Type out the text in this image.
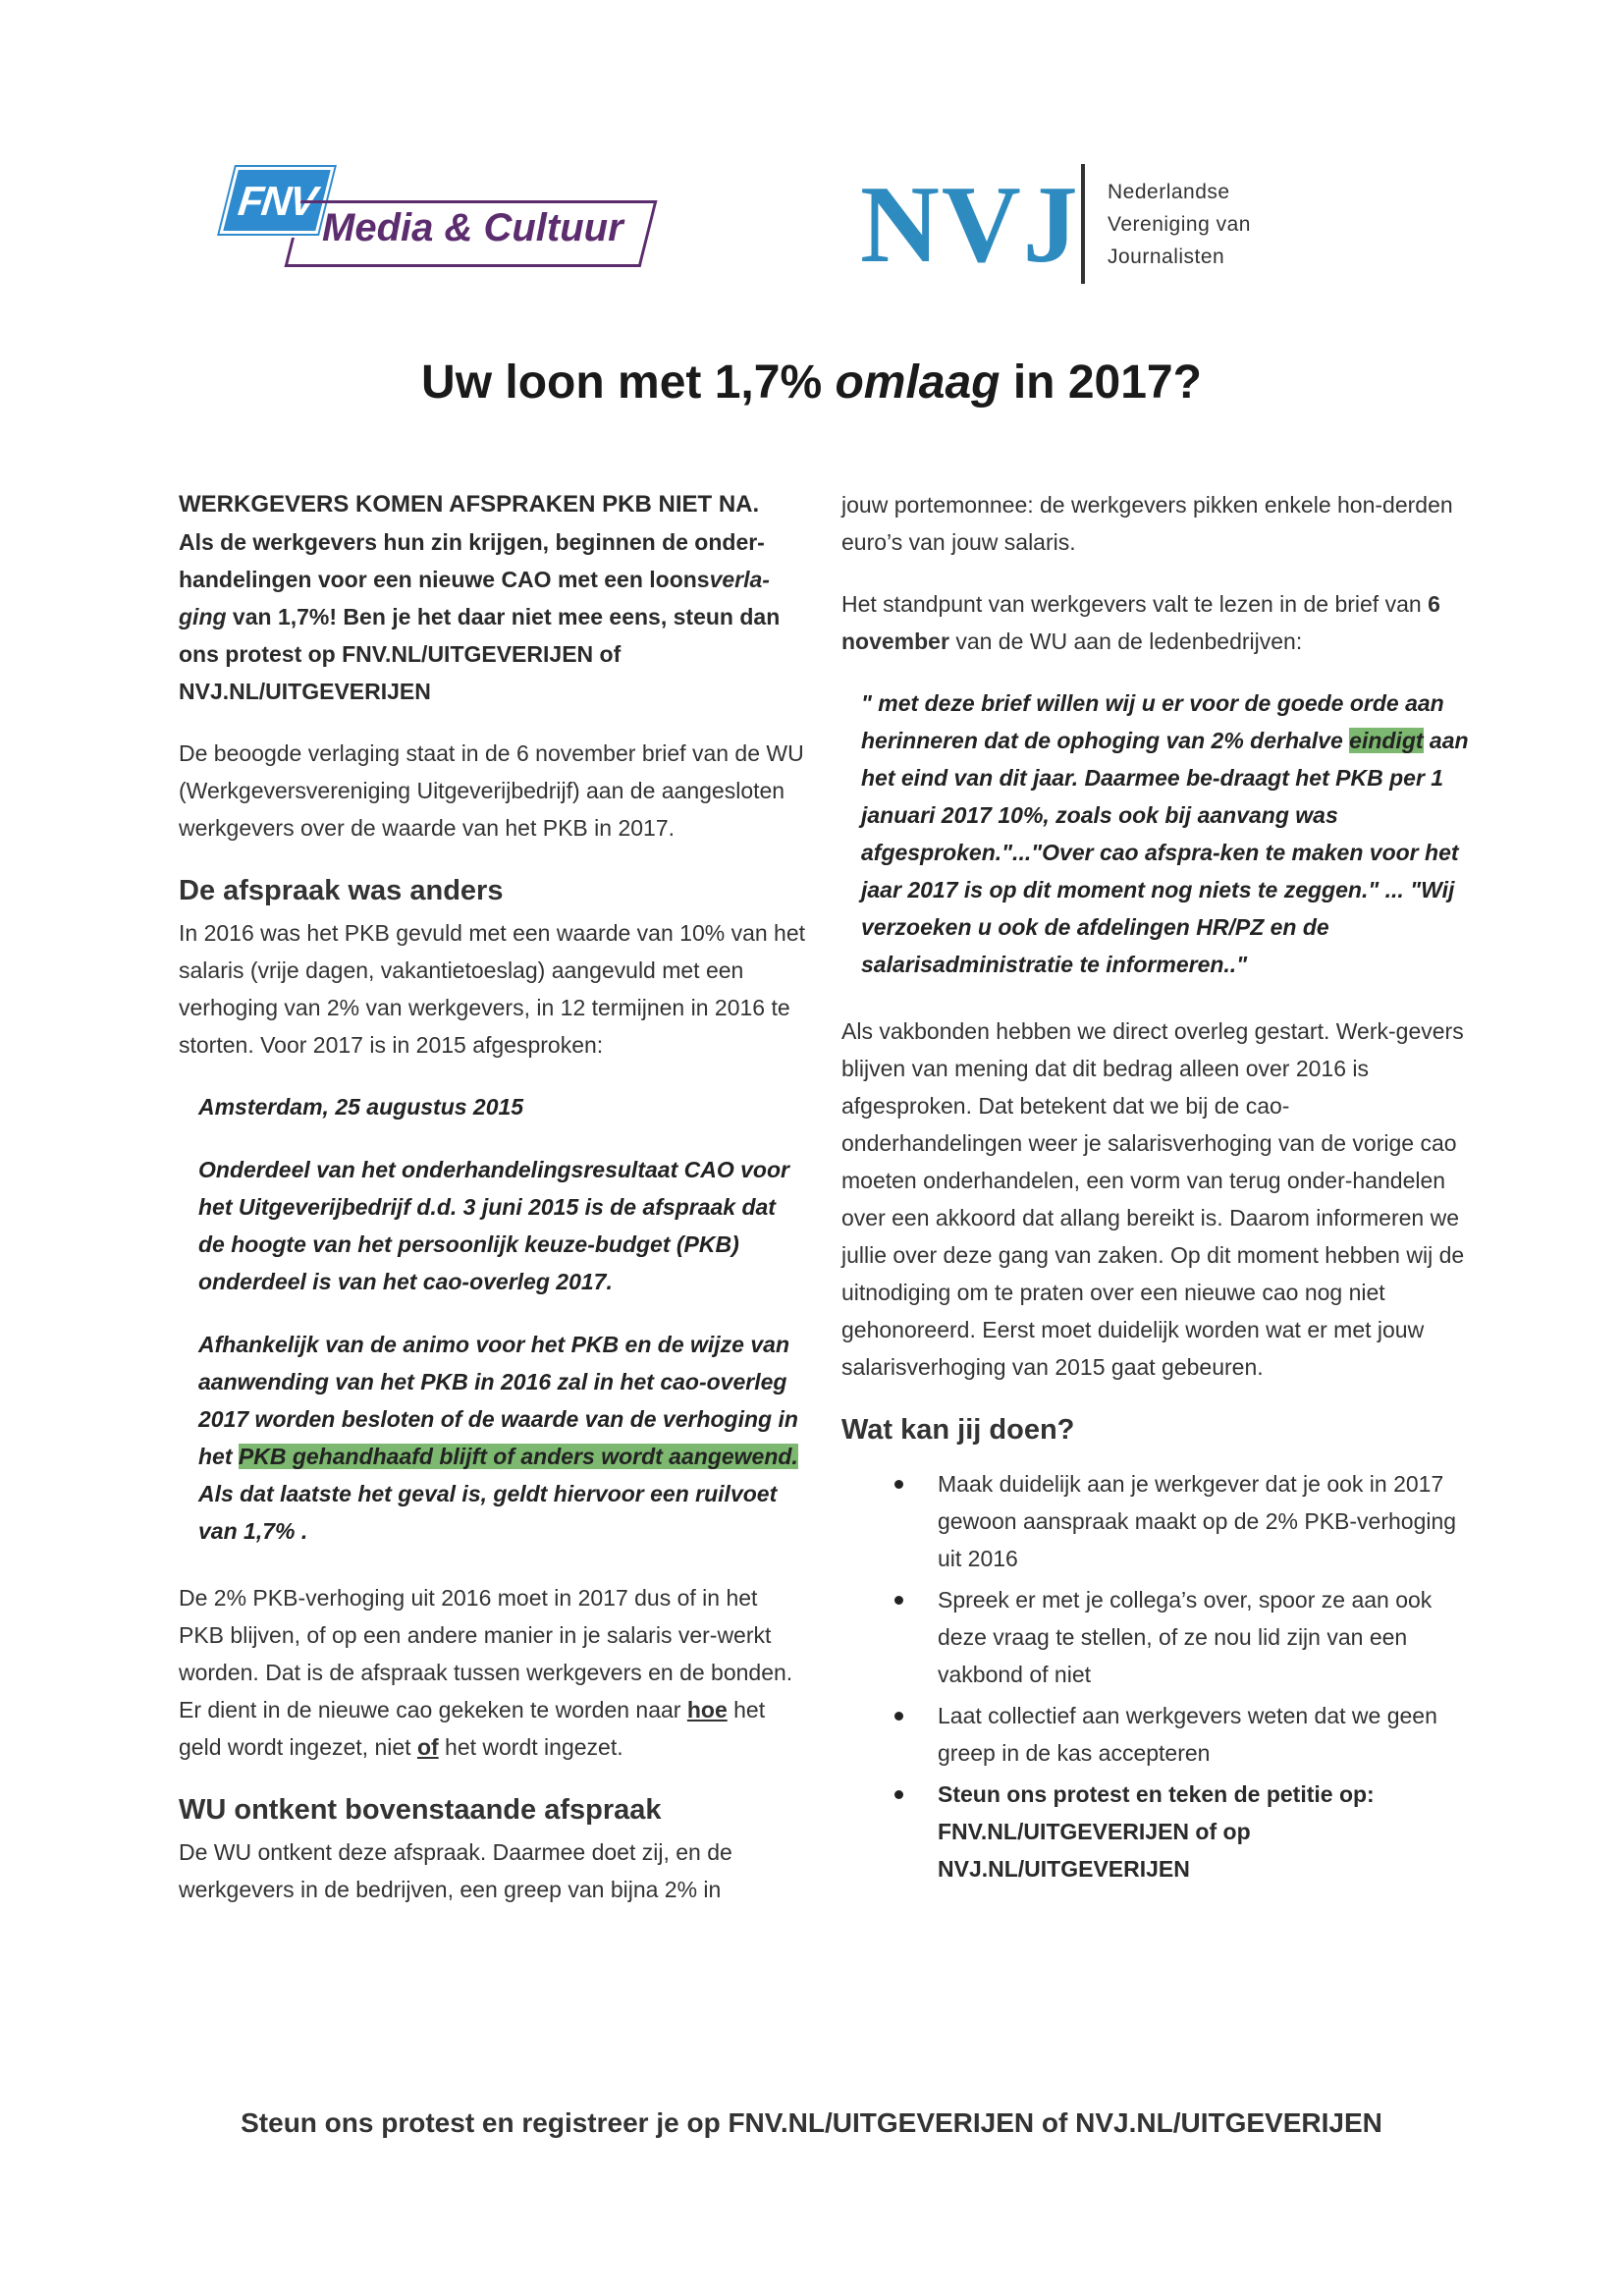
FNV
Media & Cultuur NVJ Nederlandse
Vereniging van
Journalisten
Uw loon met 1,7% omlaag in 2017?

WERKGEVERS KOMEN AFSPRAKEN PKB NIET NA.
Als de werkgevers hun zin krijgen, beginnen de onder-handelingen voor een nieuwe CAO met een loonsverla-ging van 1,7%! Ben je het daar niet mee eens, steun dan ons protest op FNV.NL/UITGEVERIJEN of NVJ.NL/UITGEVERIJEN

De beoogde verlaging staat in de 6 november brief van de WU (Werkgeversvereniging Uitgeverijbedrijf) aan de aangesloten werkgevers over de waarde van het PKB in 2017.

De afspraak was anders

In 2016 was het PKB gevuld met een waarde van 10% van het salaris (vrije dagen, vakantietoeslag) aangevuld met een verhoging van 2% van werkgevers, in 12 termijnen in 2016 te storten. Voor 2017 is in 2015 afgesproken:

Amsterdam, 25 augustus 2015

Onderdeel van het onderhandelingsresultaat CAO voor het Uitgeverijbedrijf d.d. 3 juni 2015 is de afspraak dat de hoogte van het persoonlijk keuze-budget (PKB) onderdeel is van het cao-overleg 2017.

Afhankelijk van de animo voor het PKB en de wijze van aanwending van het PKB in 2016 zal in het cao-overleg 2017 worden besloten of de waarde van de verhoging in het PKB gehandhaafd blijft of anders wordt aangewend. Als dat laatste het geval is, geldt hiervoor een ruilvoet van 1,7% .

De 2% PKB-verhoging uit 2016 moet in 2017 dus of in het PKB blijven, of op een andere manier in je salaris ver-werkt worden. Dat is de afspraak tussen werkgevers en de bonden. Er dient in de nieuwe cao gekeken te worden naar hoe het geld wordt ingezet, niet of het wordt ingezet.

WU ontkent bovenstaande afspraak

De WU ontkent deze afspraak. Daarmee doet zij, en de werkgevers in de bedrijven, een greep van bijna 2% in

jouw portemonnee: de werkgevers pikken enkele hon-derden euro’s van jouw salaris.

Het standpunt van werkgevers valt te lezen in de brief van 6 november van de WU aan de ledenbedrijven:

" met deze brief willen wij u er voor de goede orde aan herinneren dat de ophoging van 2% derhalve eindigt aan het eind van dit jaar. Daarmee be-draagt het PKB per 1 januari 2017 10%, zoals ook bij aanvang was afgesproken."..."Over cao afspra-ken te maken voor het jaar 2017 is op dit moment nog niets te zeggen." ... "Wij verzoeken u ook de afdelingen HR/PZ en de salarisadministratie te informeren.."

Als vakbonden hebben we direct overleg gestart. Werk-gevers blijven van mening dat dit bedrag alleen over 2016 is afgesproken. Dat betekent dat we bij de cao-onderhandelingen weer je salarisverhoging van de vorige cao moeten onderhandelen, een vorm van terug onder-handelen over een akkoord dat allang bereikt is. Daarom informeren we jullie over deze gang van zaken. Op dit moment hebben wij de uitnodiging om te praten over een nieuwe cao nog niet gehonoreerd. Eerst moet duidelijk worden wat er met jouw salarisverhoging van 2015 gaat gebeuren.

Wat kan jij doen?
Maak duidelijk aan je werkgever dat je ook in 2017 gewoon aanspraak maakt op de 2% PKB-verhoging uit 2016
Spreek er met je collega’s over, spoor ze aan ook deze vraag te stellen, of ze nou lid zijn van een vakbond of niet
Laat collectief aan werkgevers weten dat we geen greep in de kas accepteren
Steun ons protest en teken de petitie op: FNV.NL/UITGEVERIJEN of op NVJ.NL/UITGEVERIJEN
Steun ons protest en registreer je op FNV.NL/UITGEVERIJEN of NVJ.NL/UITGEVERIJEN
